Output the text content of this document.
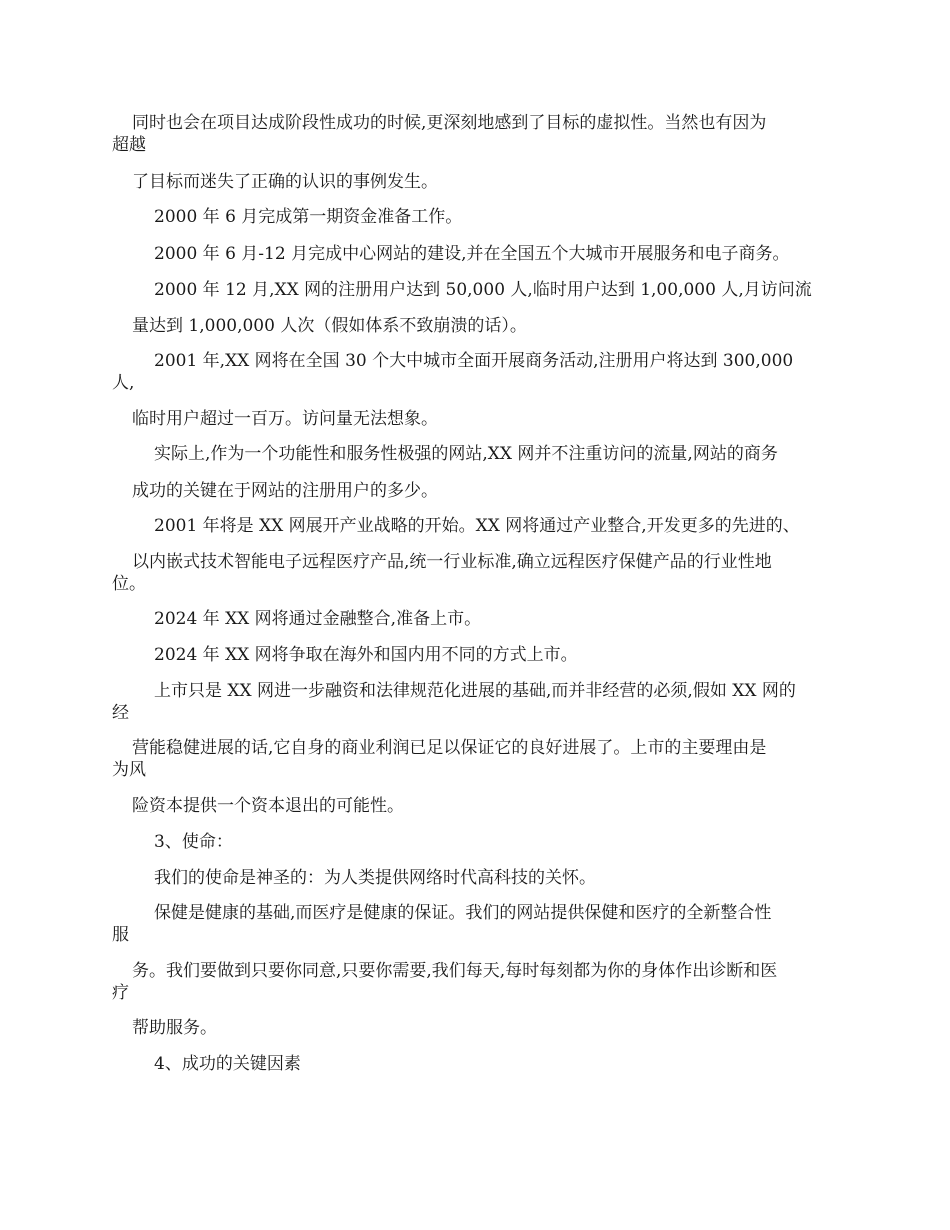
同时也会在项目达成阶段性成功的时候,更深刻地感到了目标的虚拟性。当然也有因为
超越
了目标而迷失了正确的认识的事例发生。
2000 年 6 月完成第一期资金准备工作。
2000 年 6 月-12 月完成中心网站的建设,并在全国五个大城市开展服务和电子商务。
2000 年 12 月,XX 网的注册用户达到 50,000 人,临时用户达到 1,00,000 人,月访问流
量达到 1,000,000 人次（假如体系不致崩溃的话）。
2001 年,XX 网将在全国 30 个大中城市全面开展商务活动,注册用户将达到 300,000
人,
临时用户超过一百万。访问量无法想象。
实际上,作为一个功能性和服务性极强的网站,XX 网并不注重访问的流量,网站的商务
成功的关键在于网站的注册用户的多少。
2001 年将是 XX 网展开产业战略的开始。XX 网将通过产业整合,开发更多的先进的、
以内嵌式技术智能电子远程医疗产品,统一行业标准,确立远程医疗保健产品的行业性地
位。
2024 年 XX 网将通过金融整合,准备上市。
2024 年 XX 网将争取在海外和国内用不同的方式上市。
上市只是 XX 网进一步融资和法律规范化进展的基础,而并非经营的必须,假如 XX 网的
经
营能稳健进展的话,它自身的商业利润已足以保证它的良好进展了。上市的主要理由是
为风
险资本提供一个资本退出的可能性。
3、使命：
我们的使命是神圣的：为人类提供网络时代高科技的关怀。
保健是健康的基础,而医疗是健康的保证。我们的网站提供保健和医疗的全新整合性
服
务。我们要做到只要你同意,只要你需要,我们每天,每时每刻都为你的身体作出诊断和医
疗
帮助服务。
4、成功的关键因素
